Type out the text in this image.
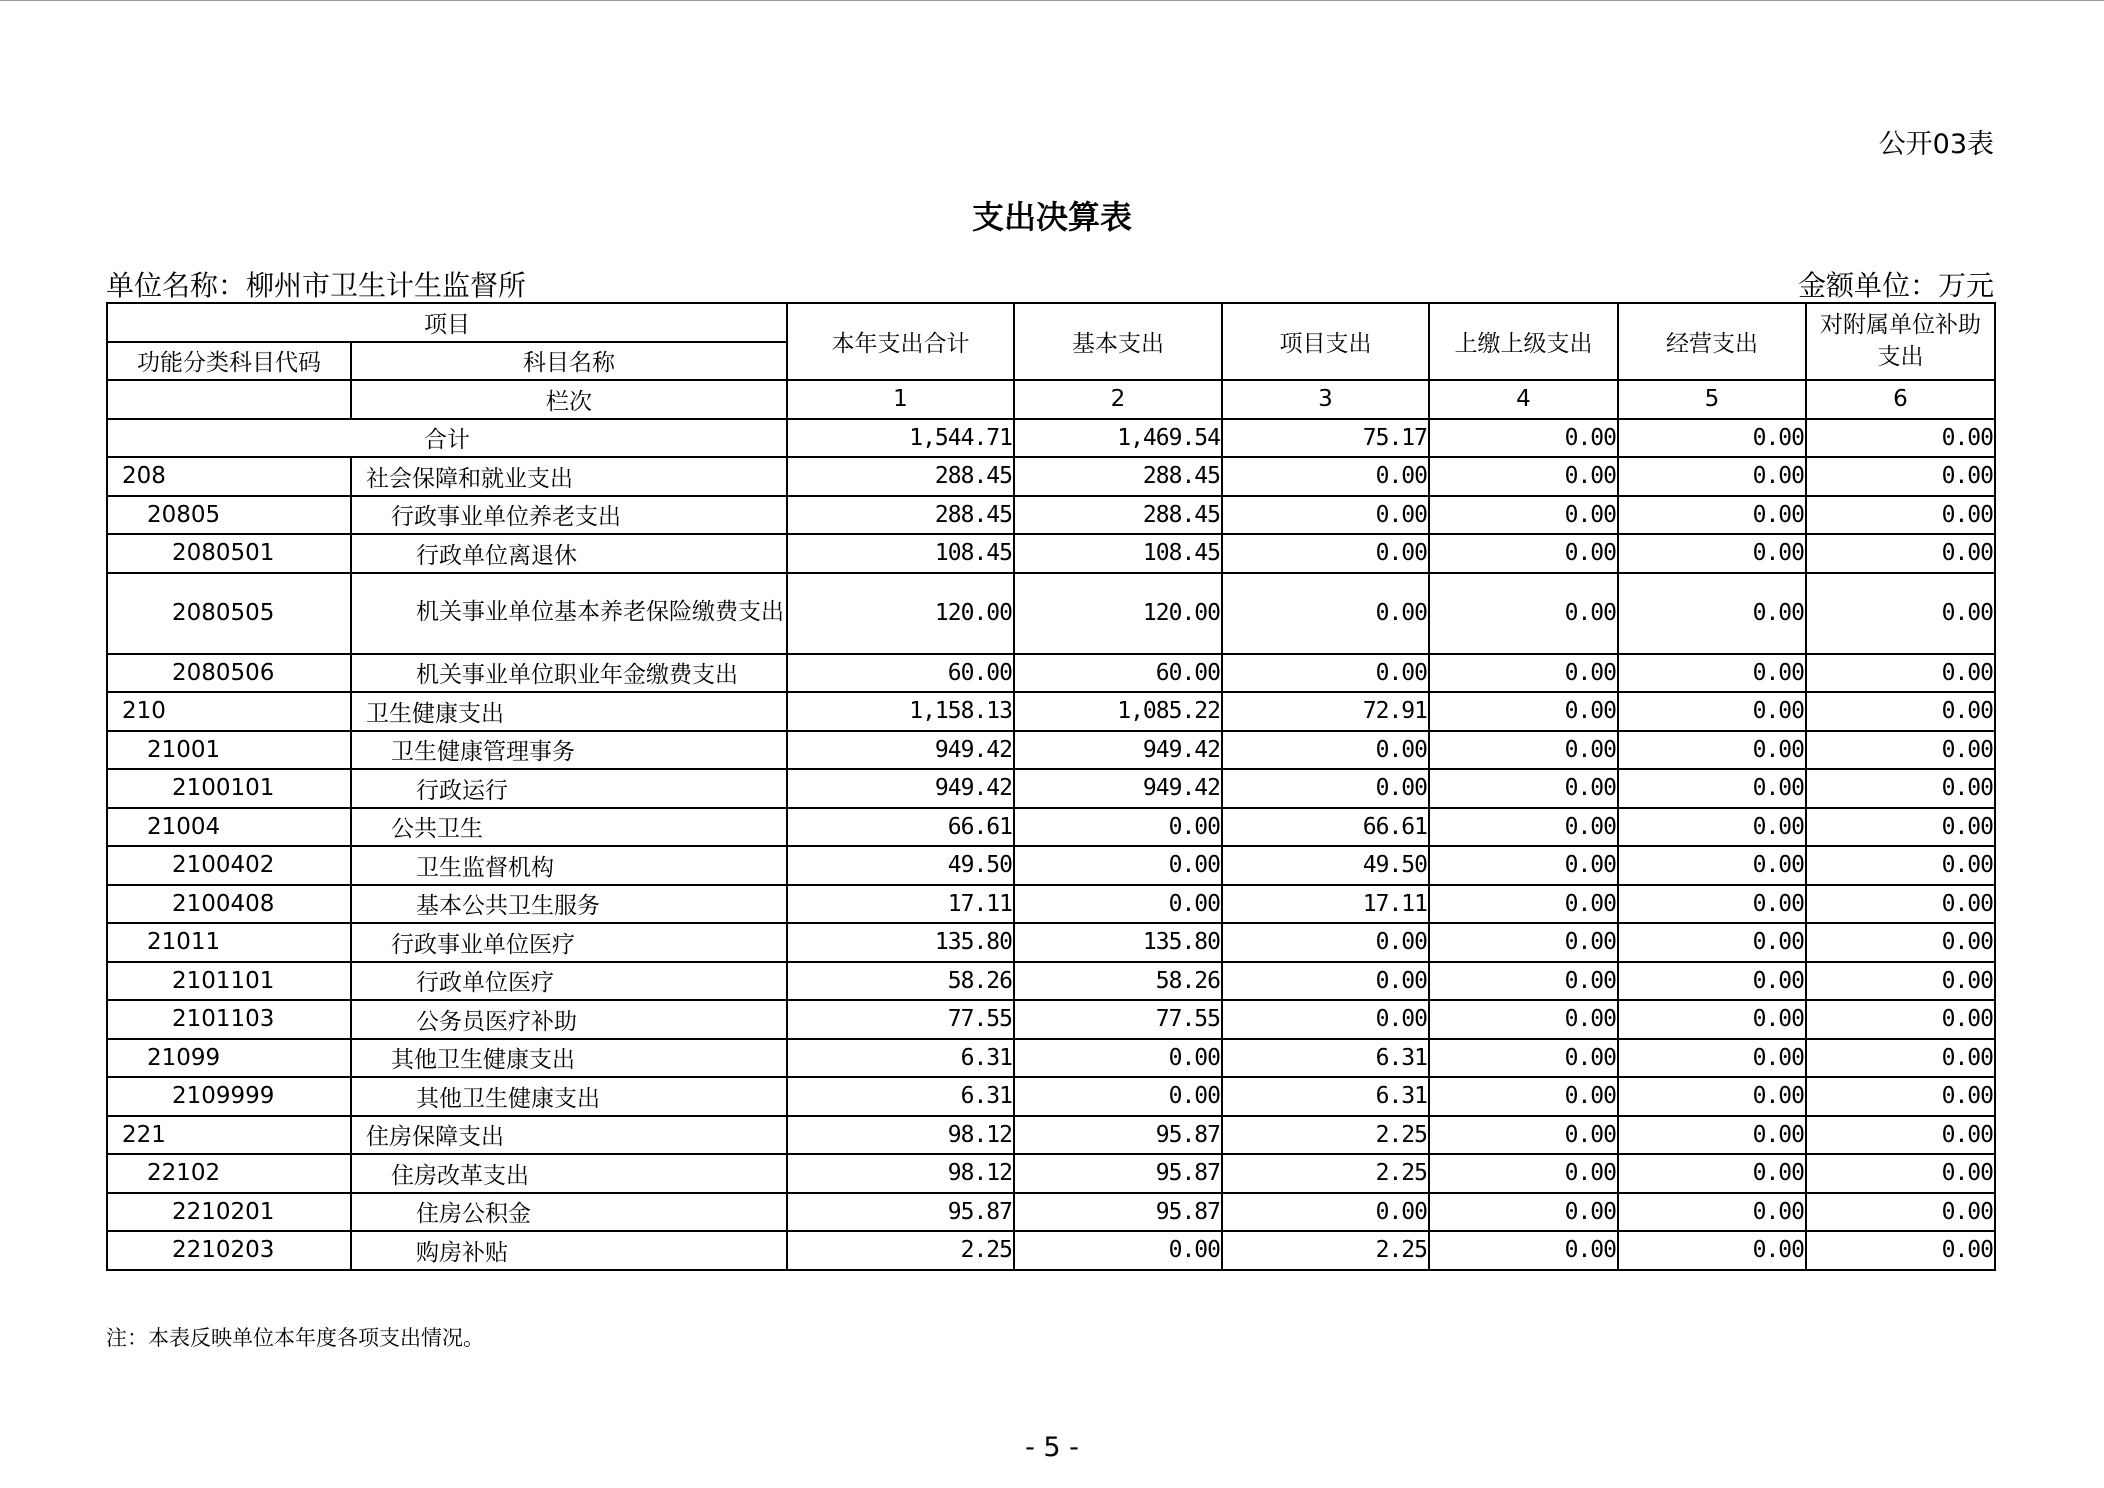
公开03表
支出决算表
单位名称：柳州市卫生计生监督所	金额单位：万元
项目		本年支出合计	基本支出	项目支出	上缴上级支出	经营支出	对附属单位补助支出
功能分类科目代码	科目名称						
	栏次	1	2	3	4	5	6
合计		1,544.71	1,469.54	75.17	0.00	0.00	0.00
208	社会保障和就业支出	288.45	288.45	0.00	0.00	0.00	0.00
20805	行政事业单位养老支出	288.45	288.45	0.00	0.00	0.00	0.00
2080501	行政单位离退休	108.45	108.45	0.00	0.00	0.00	0.00
2080505	机关事业单位基本养老保险缴费支出	120.00	120.00	0.00	0.00	0.00	0.00
2080506	机关事业单位职业年金缴费支出	60.00	60.00	0.00	0.00	0.00	0.00
210	卫生健康支出	1,158.13	1,085.22	72.91	0.00	0.00	0.00
21001	卫生健康管理事务	949.42	949.42	0.00	0.00	0.00	0.00
2100101	行政运行	949.42	949.42	0.00	0.00	0.00	0.00
21004	公共卫生	66.61	0.00	66.61	0.00	0.00	0.00
2100402	卫生监督机构	49.50	0.00	49.50	0.00	0.00	0.00
2100408	基本公共卫生服务	17.11	0.00	17.11	0.00	0.00	0.00
21011	行政事业单位医疗	135.80	135.80	0.00	0.00	0.00	0.00
2101101	行政单位医疗	58.26	58.26	0.00	0.00	0.00	0.00
2101103	公务员医疗补助	77.55	77.55	0.00	0.00	0.00	0.00
21099	其他卫生健康支出	6.31	0.00	6.31	0.00	0.00	0.00
2109999	其他卫生健康支出	6.31	0.00	6.31	0.00	0.00	0.00
221	住房保障支出	98.12	95.87	2.25	0.00	0.00	0.00
22102	住房改革支出	98.12	95.87	2.25	0.00	0.00	0.00
2210201	住房公积金	95.87	95.87	0.00	0.00	0.00	0.00
2210203	购房补贴	2.25	0.00	2.25	0.00	0.00	0.00
注：本表反映单位本年度各项支出情况。
- 5 -
